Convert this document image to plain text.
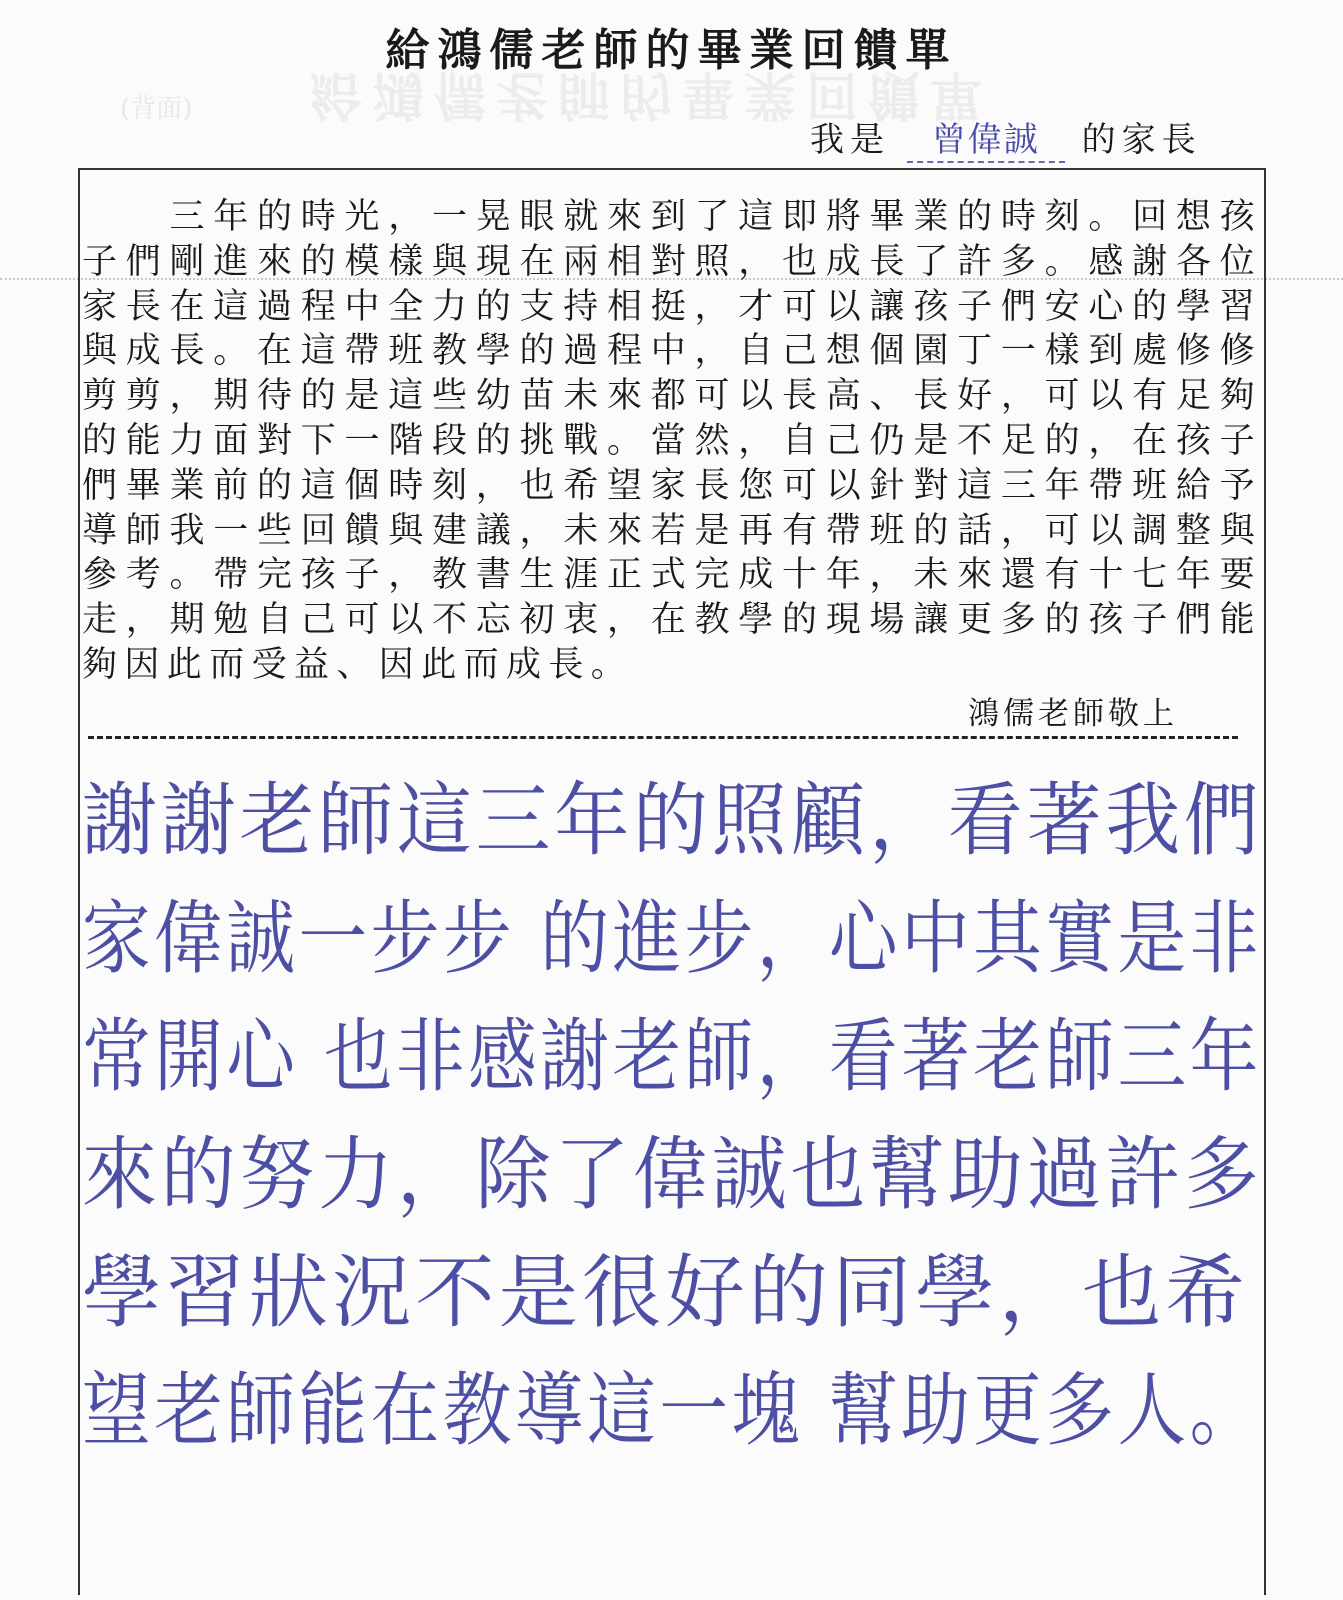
給鴻儒老師的畢業回饋單
(背面)
給鴻儒老師的畢業回饋單
我是 曾偉誠 的家長

　　三年的時光，一晃眼就來到了這即將畢業的時刻。回想孩子們剛進來的模樣與現在兩相對照，也成長了許多。感謝各位家長在這過程中全力的支持相挺，才可以讓孩子們安心的學習與成長。在這帶班教學的過程中，自己想個園丁一樣到處修修剪剪，期待的是這些幼苗未來都可以長高、長好，可以有足夠的能力面對下一階段的挑戰。當然，自己仍是不足的，在孩子們畢業前的這個時刻，也希望家長您可以針對這三年帶班給予導師我一些回饋與建議，未來若是再有帶班的話，可以調整與參考。帶完孩子，教書生涯正式完成十年，未來還有十七年要走，期勉自己可以不忘初衷，在教學的現場讓更多的孩子們能夠因此而受益、因此而成長。

鴻儒老師敬上
謝謝老師這三年的照顧，看著我們
家偉誠一步步 的進步，心中其實是非
常開心 也非感謝老師，看著老師三年
來的努力，除了偉誠也幫助過許多
學習狀況不是很好的同學，也希
望老師能在教導這一塊 幫助更多人。
